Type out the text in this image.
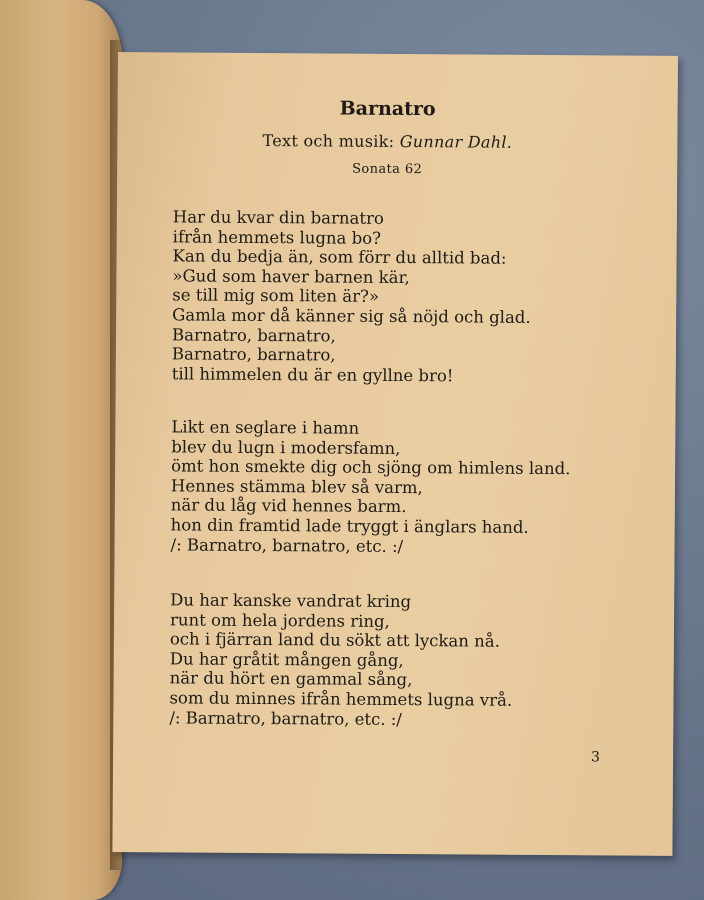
Barnatro
Text och musik: Gunnar Dahl.
Sonata 62
Har du kvar din barnatro
ifrån hemmets lugna bo?
Kan du bedja än, som förr du alltid bad:
»Gud som haver barnen kär,
se till mig som liten är?»
Gamla mor då känner sig så nöjd och glad.
Barnatro, barnatro,
Barnatro, barnatro,
till himmelen du är en gyllne bro!
Likt en seglare i hamn
blev du lugn i modersfamn,
ömt hon smekte dig och sjöng om himlens land.
Hennes stämma blev så varm,
när du låg vid hennes barm.
hon din framtid lade tryggt i änglars hand.
/: Barnatro, barnatro, etc. :/
Du har kanske vandrat kring
runt om hela jordens ring,
och i fjärran land du sökt att lyckan nå.
Du har gråtit mången gång,
när du hört en gammal sång,
som du minnes ifrån hemmets lugna vrå.
/: Barnatro, barnatro, etc. :/
3
